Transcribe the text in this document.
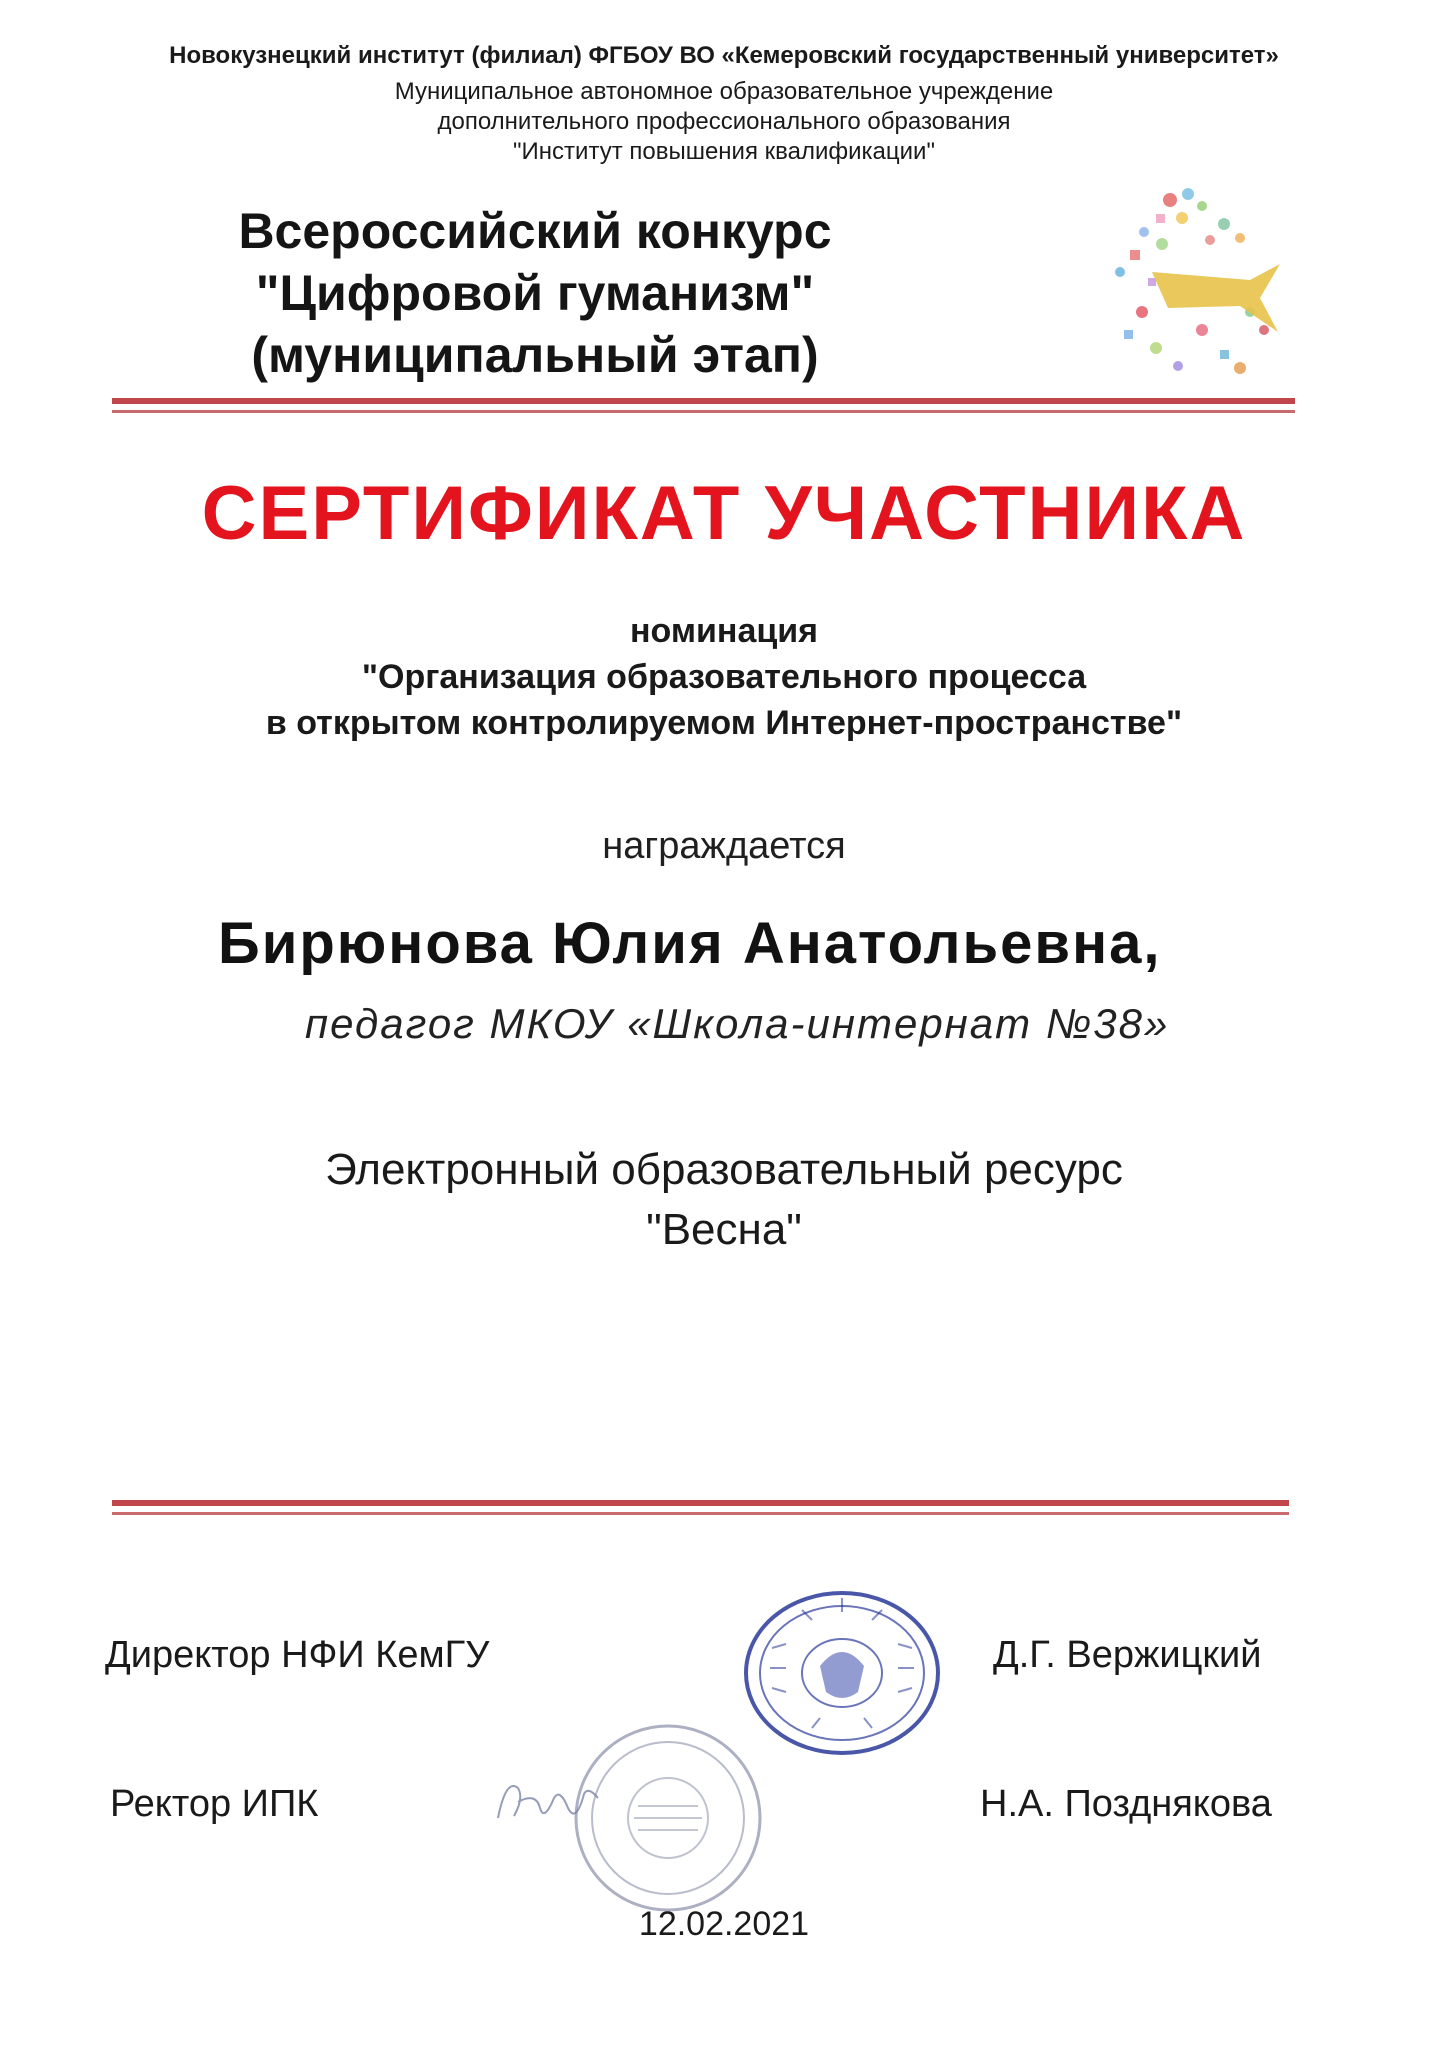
Новокузнецкий институт (филиал) ФГБОУ ВО «Кемеровский государственный университет»
Муниципальное автономное образовательное учреждение
дополнительного профессионального образования
"Институт повышения квалификации"
Всероссийский конкурс
"Цифровой гуманизм"
(муниципальный этап)
СЕРТИФИКАТ УЧАСТНИКА
номинация
"Организация образовательного процесса
в открытом контролируемом Интернет-пространстве"
награждается
Бирюнова Юлия Анатольевна,
педагог МКОУ «Школа-интернат №38»
Электронный образовательный ресурс
"Весна"
Директор НФИ КемГУ	Д.Г. Вержицкий
Ректор ИПК	Н.А. Позднякова
12.02.2021
